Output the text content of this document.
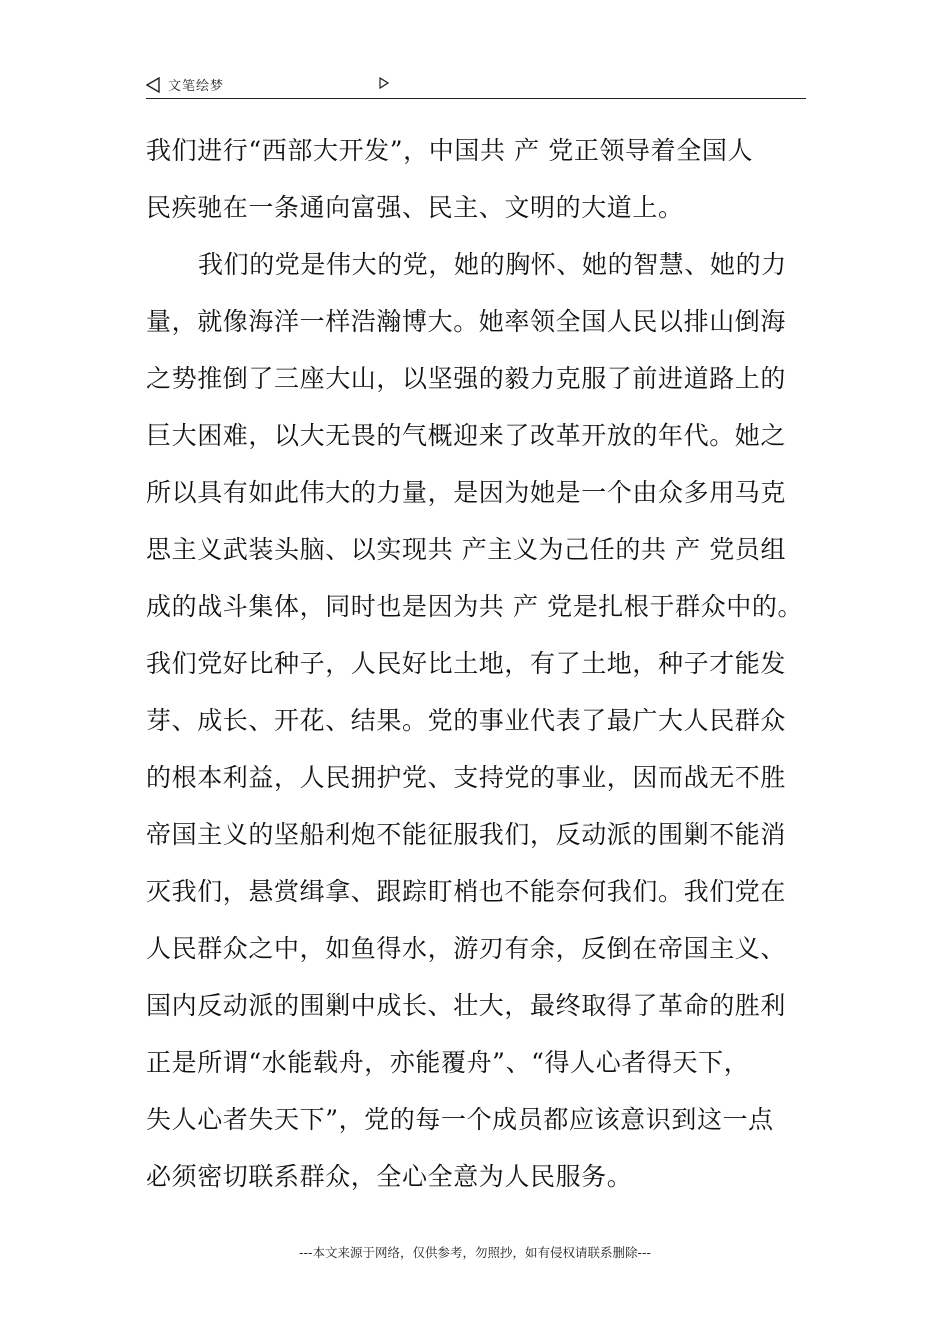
文笔绘梦
我们进行“西部大开发”，中国共 产 党正领导着全国人
民疾驰在一条通向富强、民主、文明的大道上。
我们的党是伟大的党，她的胸怀、她的智慧、她的力
量，就像海洋一样浩瀚博大。她率领全国人民以排山倒海
之势推倒了三座大山，以坚强的毅力克服了前进道路上的
巨大困难，以大无畏的气概迎来了改革开放的年代。她之
所以具有如此伟大的力量，是因为她是一个由众多用马克
思主义武装头脑、以实现共 产主义为己任的共 产 党员组
成的战斗集体，同时也是因为共 产 党是扎根于群众中的。
我们党好比种子，人民好比土地，有了土地，种子才能发
芽、成长、开花、结果。党的事业代表了最广大人民群众
的根本利益，人民拥护党、支持党的事业，因而战无不胜
帝国主义的坚船利炮不能征服我们，反动派的围剿不能消
灭我们，悬赏缉拿、跟踪盯梢也不能奈何我们。我们党在
人民群众之中，如鱼得水，游刃有余，反倒在帝国主义、
国内反动派的围剿中成长、壮大，最终取得了革命的胜利
正是所谓“水能载舟，亦能覆舟”、“得人心者得天下，
失人心者失天下”，党的每一个成员都应该意识到这一点
必须密切联系群众，全心全意为人民服务。
---本文来源于网络，仅供参考，勿照抄，如有侵权请联系删除---
